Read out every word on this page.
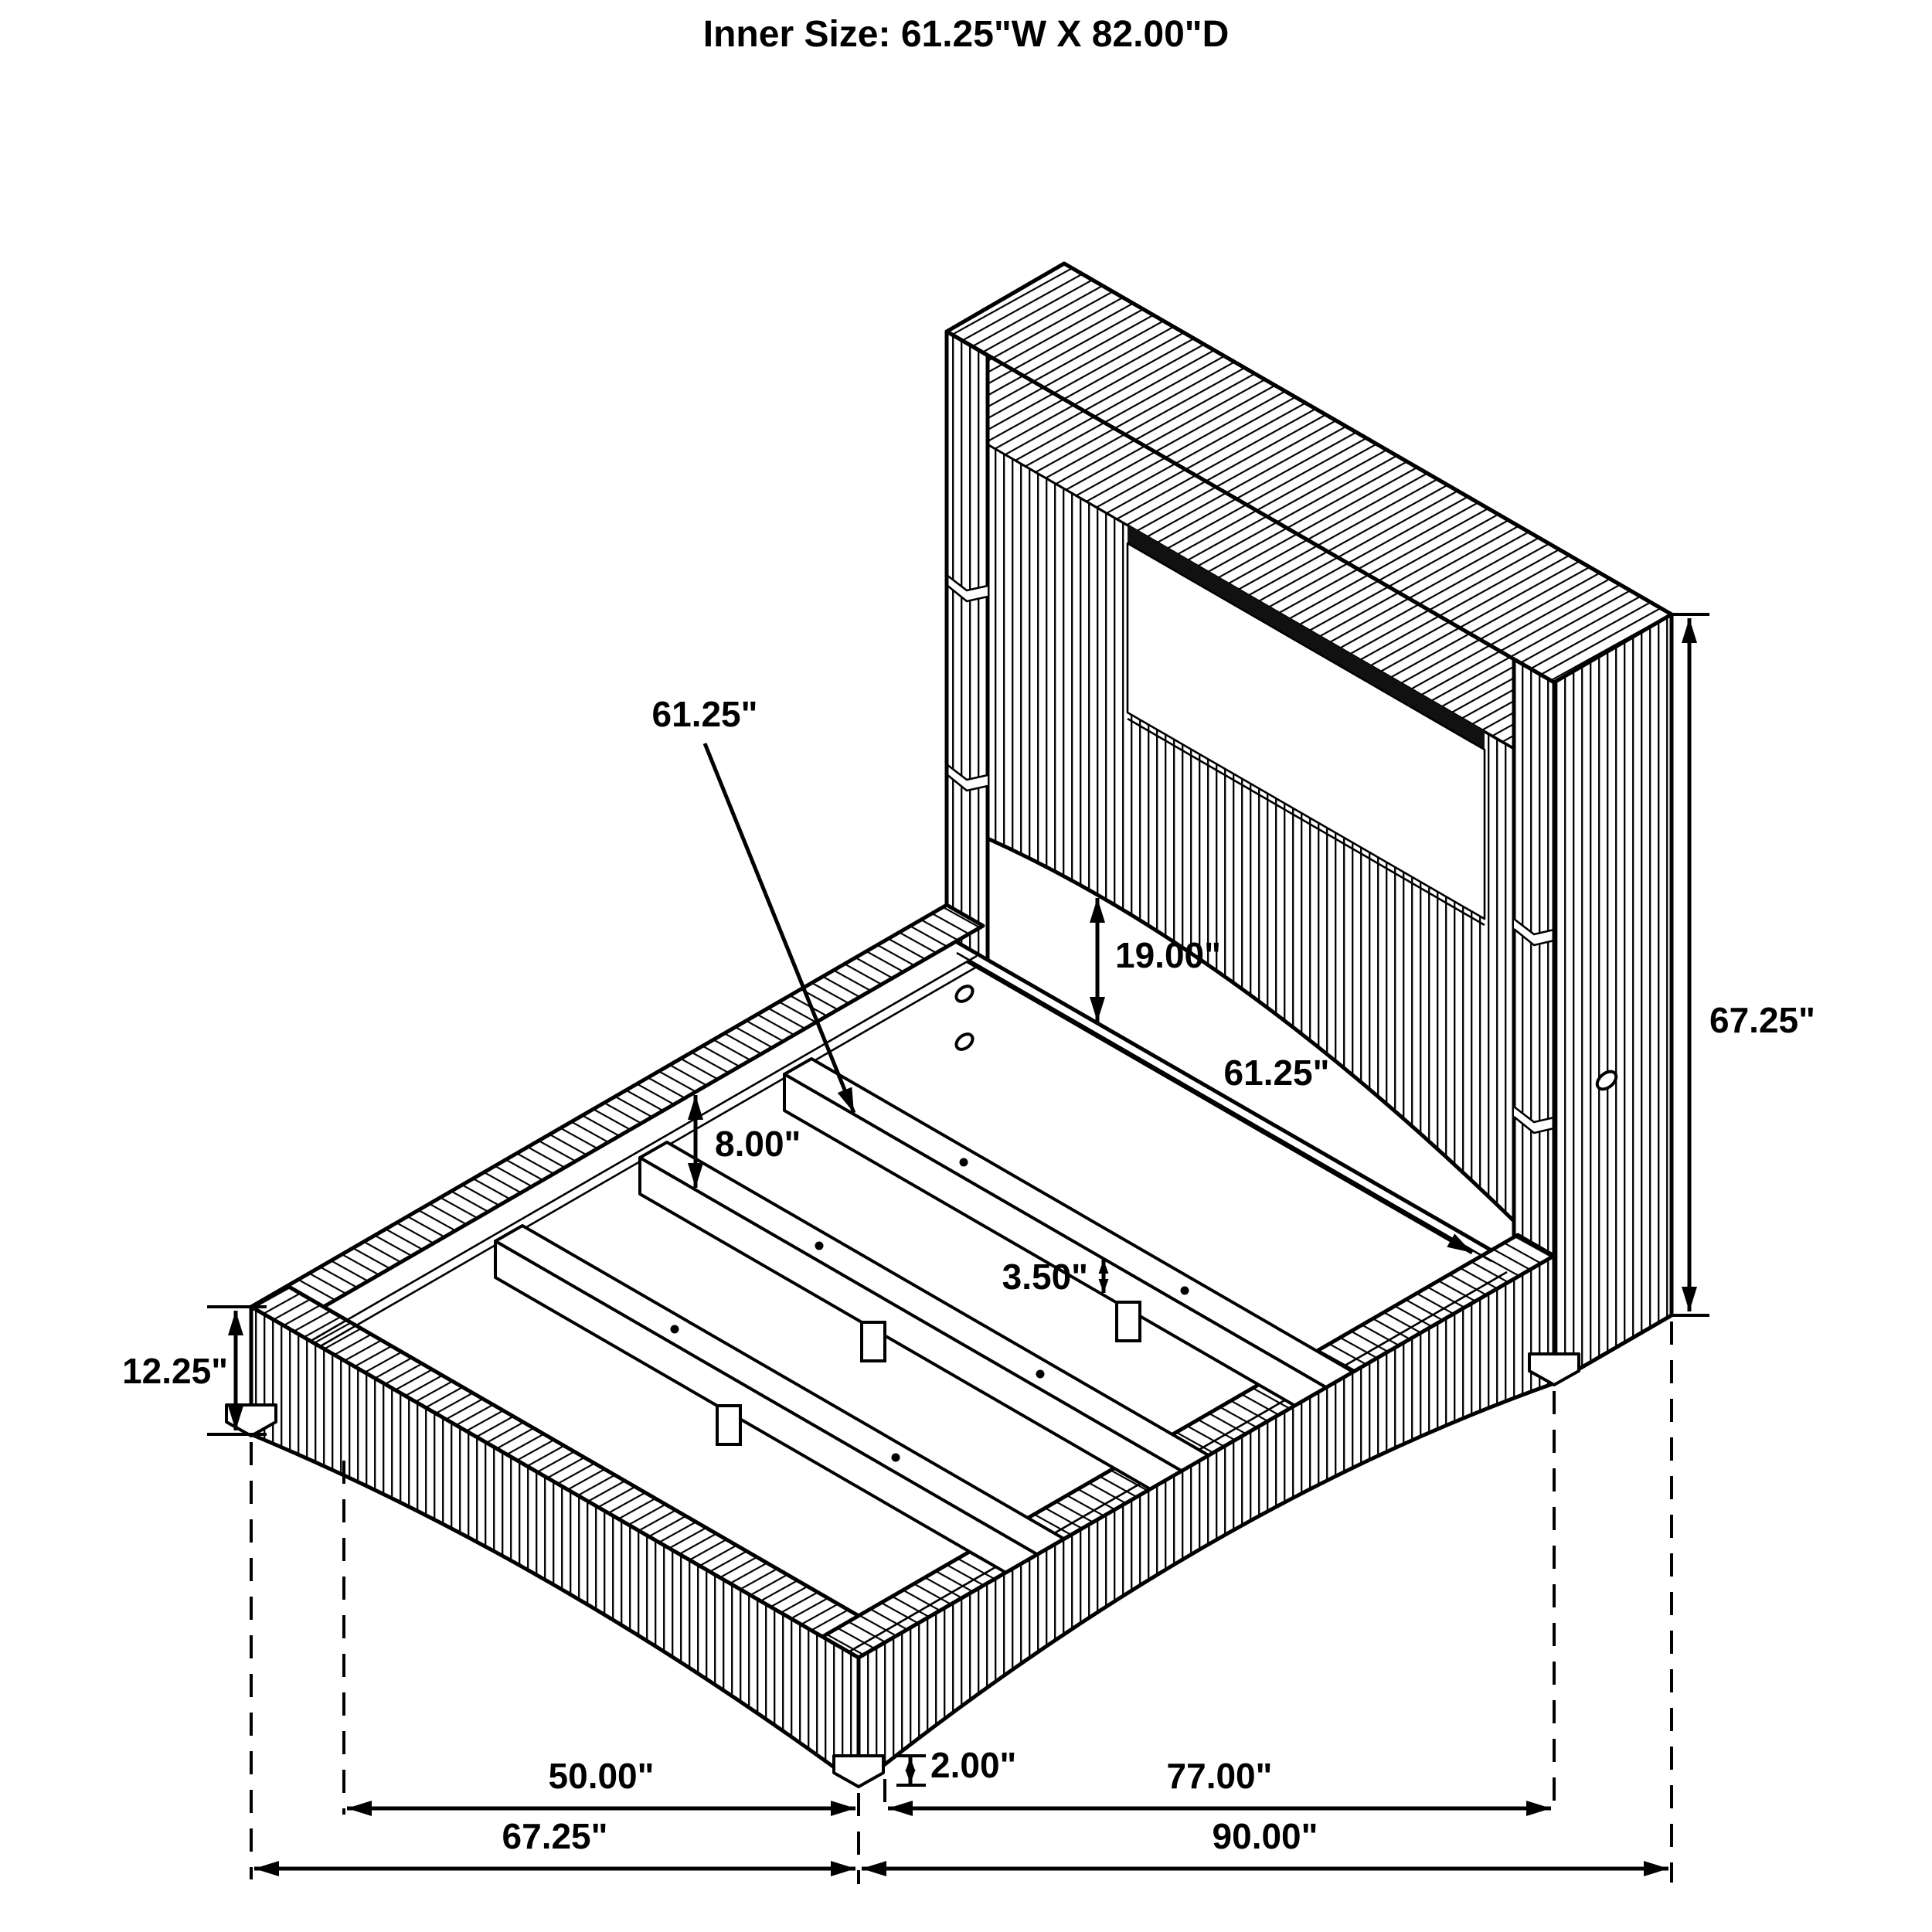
61.25"
19.00"
61.25"
8.00"
3.50"
12.25"
67.25"
2.00"
50.00"	77.00"
67.25"	90.00"
Inner Size: 61.25"W X 82.00"D
